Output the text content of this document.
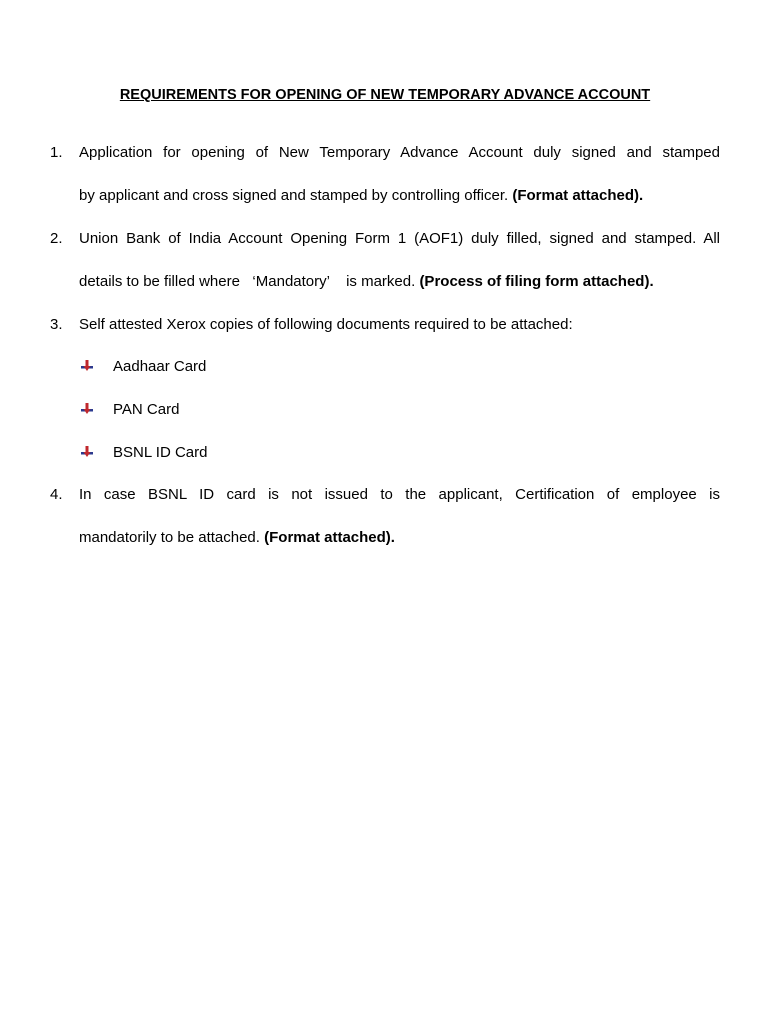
REQUIREMENTS FOR OPENING OF NEW TEMPORARY ADVANCE ACCOUNT
1.	Application for opening of New Temporary Advance Account duly signed and stamped
by applicant and cross signed and stamped by controlling officer. (Format attached).
2.	Union Bank of India Account Opening Form 1 (AOF1) duly filled, signed and stamped. All
details to be filled where   ‘Mandatory’    is marked. (Process of filing form attached).
3.	Self attested Xerox copies of following documents required to be attached:
Aadhaar Card
PAN Card
BSNL ID Card
4.	In case BSNL ID card is not issued to the applicant, Certification of employee is
mandatorily to be attached. (Format attached).
